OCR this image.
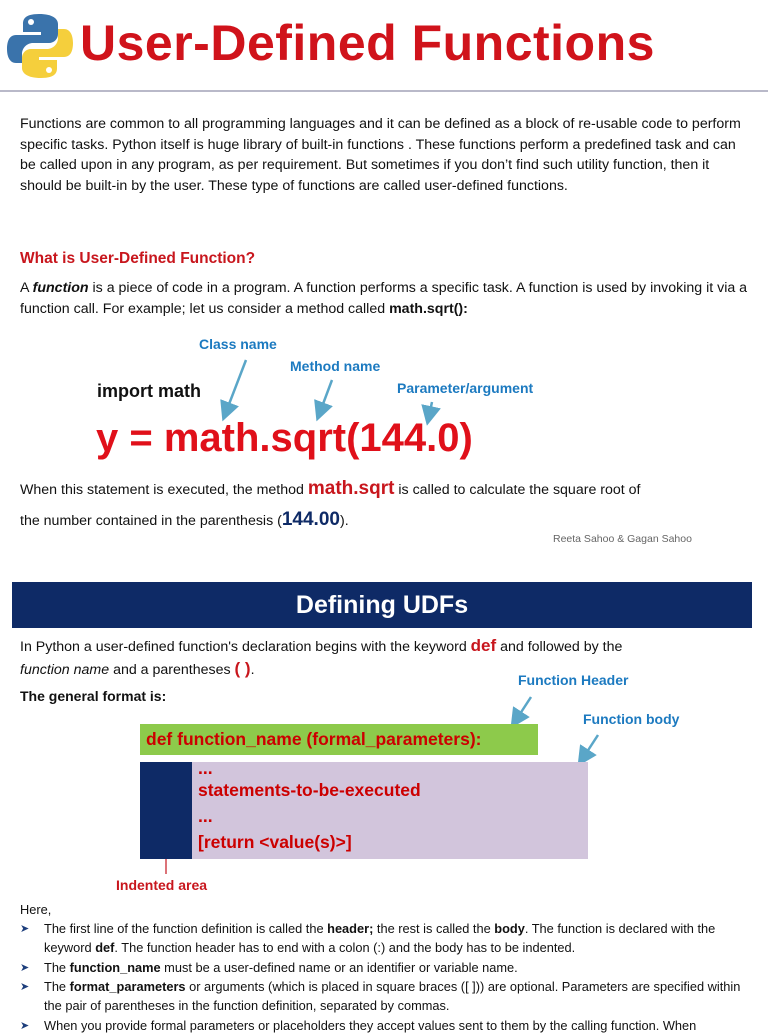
User-Defined Functions
Functions are common to all programming languages and it can be defined as a block of re-usable code to perform specific tasks. Python itself is huge library of built-in functions . These functions perform a predefined task and can be called upon in any program, as per requirement. But sometimes if you don’t find such utility function, then it should be built-in by the user. These type of functions are called user-defined functions.
What is User-Defined Function?
A function is a piece of code in a program. A function performs a specific task. A function is used by invoking it via a function call. For example; let us consider a method called math.sqrt():
Class name
Method name
Parameter/argument
import math
y = math.sqrt(144.0)
When this statement is executed, the method math.sqrt is called to calculate the square root of
the number contained in the parenthesis (144.00).
Reeta Sahoo & Gagan Sahoo
Defining UDFs
In Python a user-defined function's declaration begins with the keyword def and followed by the
function name and a parentheses ( ).
The general format is:
Function Header
Function body
def function_name (formal_parameters):
...
statements-to-be-executed
...
[return <value(s)>]
Indented area
Here,
➤	The first line of the function definition is called the header; the rest is called the body. The function is declared with the keyword def. The function header has to end with a colon (:) and the body has to be indented.
➤	The function_name must be a user-defined name or an identifier or variable name.
➤	The format_parameters or arguments (which is placed in square braces ([ ])) are optional. Parameters are specified within the pair of parentheses in the function definition, separated by commas.
➤	When you provide formal parameters or placeholders they accept values sent to them by the calling function. When
